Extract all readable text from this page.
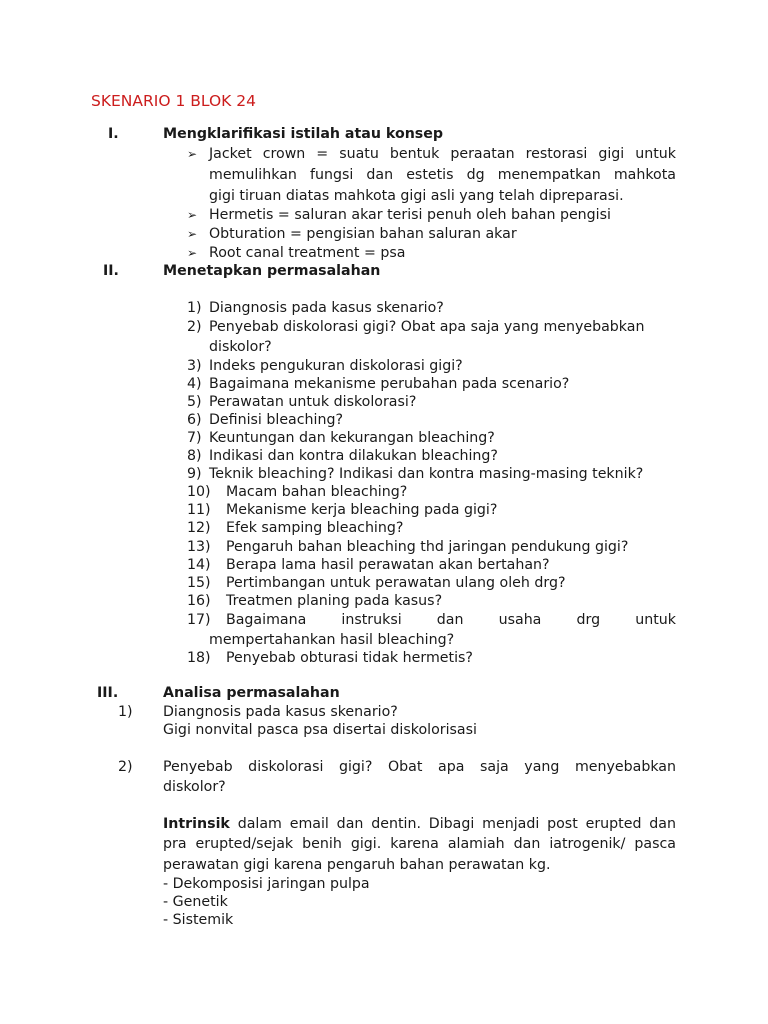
SKENARIO 1 BLOK 24
I.	Mengklarifikasi istilah atau konsep
➢ Jacket crown = suatu bentuk peraatan restorasi gigi untuk
memulihkan fungsi dan estetis dg menempatkan mahkota
gigi tiruan diatas mahkota gigi asli yang telah dipreparasi.
➢ Hermetis = saluran akar terisi penuh oleh bahan pengisi
➢ Obturation = pengisian bahan saluran akar
➢ Root canal treatment = psa
II.	Menetapkan permasalahan
1) Diangnosis pada kasus skenario?
2) Penyebab diskolorasi gigi? Obat apa saja yang menyebabkan
diskolor?
3) Indeks pengukuran diskolorasi gigi?
4) Bagaimana mekanisme perubahan pada scenario?
5) Perawatan untuk diskolorasi?
6) Definisi bleaching?
7) Keuntungan dan kekurangan bleaching?
8) Indikasi dan kontra dilakukan bleaching?
9) Teknik bleaching? Indikasi dan kontra masing-masing teknik?
10) Macam bahan bleaching?
11) Mekanisme kerja bleaching pada gigi?
12) Efek samping bleaching?
13) Pengaruh bahan bleaching thd jaringan pendukung gigi?
14) Berapa lama hasil perawatan akan bertahan?
15) Pertimbangan untuk perawatan ulang oleh drg?
16) Treatmen planing pada kasus?
17) Bagaimana instruksi dan usaha drg untuk
mempertahankan hasil bleaching?
18) Penyebab obturasi tidak hermetis?
III.	Analisa permasalahan
1) Diangnosis pada kasus skenario?
Gigi nonvital pasca psa disertai diskolorisasi
2) Penyebab diskolorasi gigi? Obat apa saja yang menyebabkan
diskolor?
Intrinsik dalam email dan dentin. Dibagi menjadi post erupted dan
pra erupted/sejak benih gigi. karena alamiah dan iatrogenik/ pasca
perawatan gigi karena pengaruh bahan perawatan kg.
- Dekomposisi jaringan pulpa
- Genetik
- Sistemik
